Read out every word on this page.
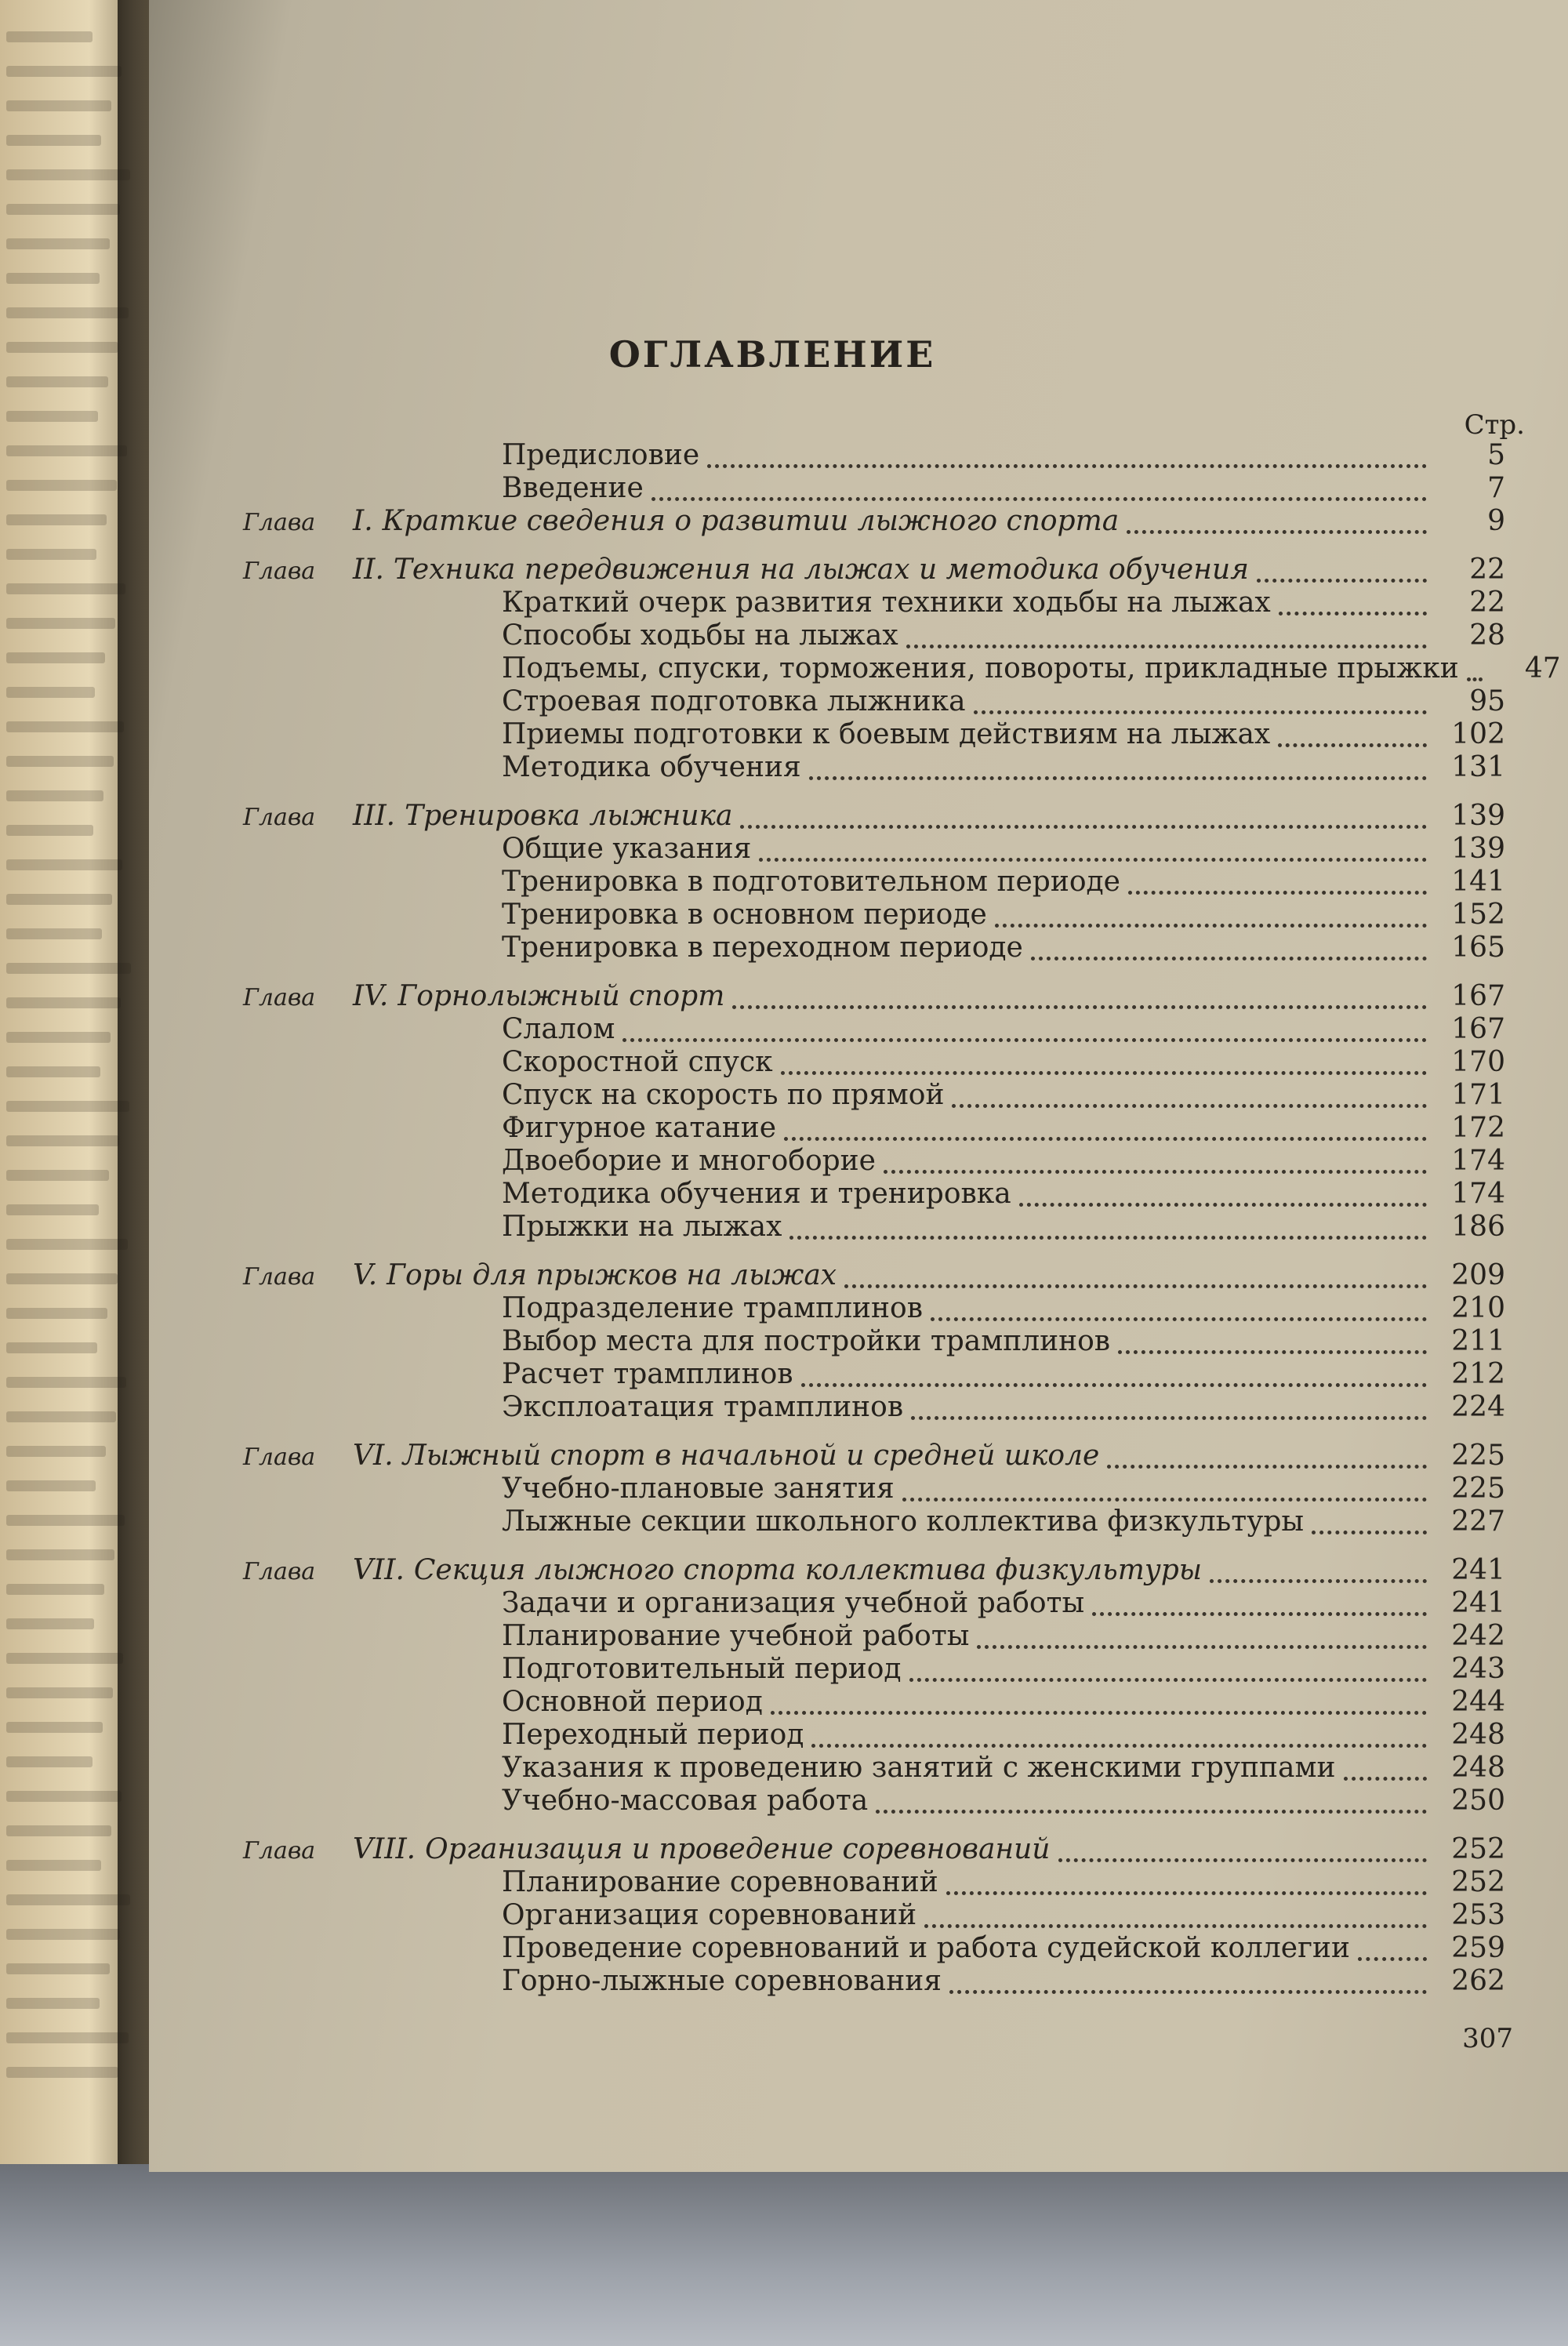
ОГЛАВЛЕНИЕ
Стр.
Предисловие	5
Введение	7
Глава	I. Краткие сведения о развитии лыжного спорта	9
Глава	II. Техника передвижения на лыжах и методика обучения	22
Краткий очерк развития техники ходьбы на лыжах	22
Способы ходьбы на лыжах	28
Подъемы, спуски, торможения, повороты, прикладные прыжки	47
Строевая подготовка лыжника	95
Приемы подготовки к боевым действиям на лыжах	102
Методика обучения	131
Глава	III. Тренировка лыжника	139
Общие указания	139
Тренировка в подготовительном периоде	141
Тренировка в основном периоде	152
Тренировка в переходном периоде	165
Глава	IV. Горнолыжный спорт	167
Слалом	167
Скоростной спуск	170
Спуск на скорость по прямой	171
Фигурное катание	172
Двоеборие и многоборие	174
Методика обучения и тренировка	174
Прыжки на лыжах	186
Глава	V. Горы для прыжков на лыжах	209
Подразделение трамплинов	210
Выбор места для постройки трамплинов	211
Расчет трамплинов	212
Эксплоатация трамплинов	224
Глава	VI. Лыжный спорт в начальной и средней школе	225
Учебно-плановые занятия	225
Лыжные секции школьного коллектива физкультуры	227
Глава	VII. Секция лыжного спорта коллектива физкультуры	241
Задачи и организация учебной работы	241
Планирование учебной работы	242
Подготовительный период	243
Основной период	244
Переходный период	248
Указания к проведению занятий с женскими группами	248
Учебно-массовая работа	250
Глава	VIII. Организация и проведение соревнований	252
Планирование соревнований	252
Организация соревнований	253
Проведение соревнований и работа судейской коллегии	259
Горно-лыжные соревнования	262
307
